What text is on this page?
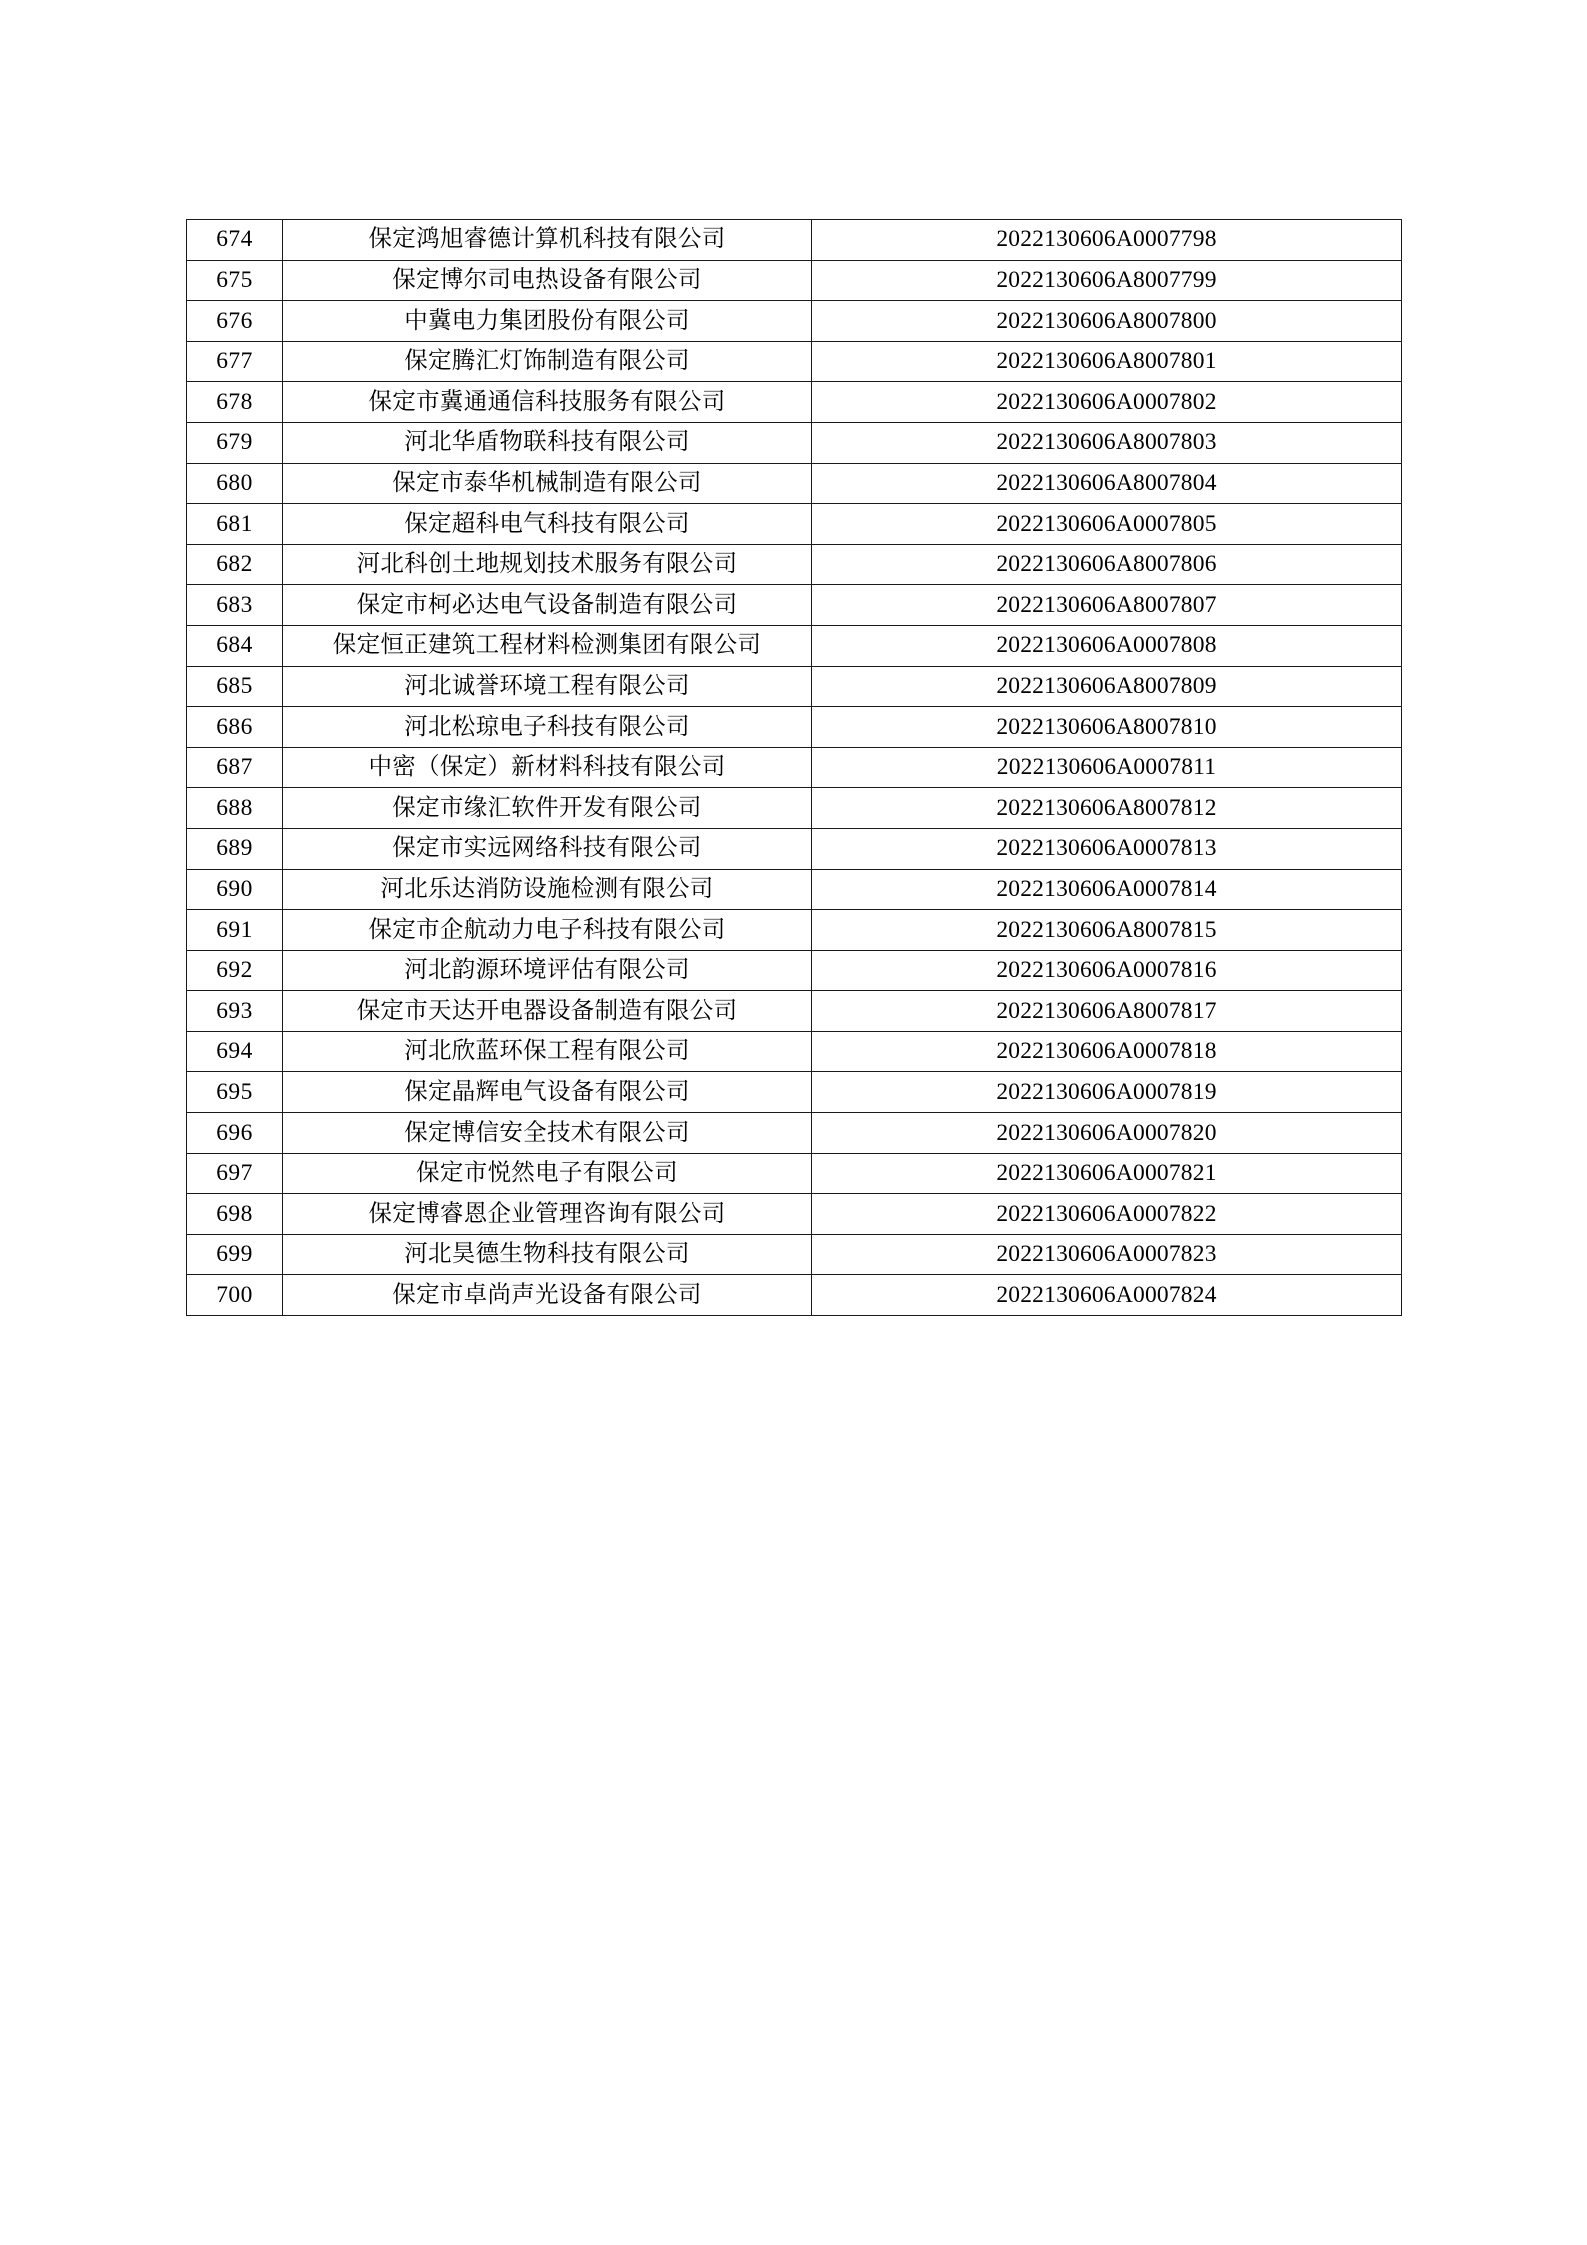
674	保定鸿旭睿德计算机科技有限公司	2022130606A0007798
675	保定博尔司电热设备有限公司	2022130606A8007799
676	中冀电力集团股份有限公司	2022130606A8007800
677	保定腾汇灯饰制造有限公司	2022130606A8007801
678	保定市冀通通信科技服务有限公司	2022130606A0007802
679	河北华盾物联科技有限公司	2022130606A8007803
680	保定市泰华机械制造有限公司	2022130606A8007804
681	保定超科电气科技有限公司	2022130606A0007805
682	河北科创土地规划技术服务有限公司	2022130606A8007806
683	保定市柯必达电气设备制造有限公司	2022130606A8007807
684	保定恒正建筑工程材料检测集团有限公司	2022130606A0007808
685	河北诚誉环境工程有限公司	2022130606A8007809
686	河北松琼电子科技有限公司	2022130606A8007810
687	中密（保定）新材料科技有限公司	2022130606A0007811
688	保定市缘汇软件开发有限公司	2022130606A8007812
689	保定市实远网络科技有限公司	2022130606A0007813
690	河北乐达消防设施检测有限公司	2022130606A0007814
691	保定市企航动力电子科技有限公司	2022130606A8007815
692	河北韵源环境评估有限公司	2022130606A0007816
693	保定市天达开电器设备制造有限公司	2022130606A8007817
694	河北欣蓝环保工程有限公司	2022130606A0007818
695	保定晶辉电气设备有限公司	2022130606A0007819
696	保定博信安全技术有限公司	2022130606A0007820
697	保定市悦然电子有限公司	2022130606A0007821
698	保定博睿恩企业管理咨询有限公司	2022130606A0007822
699	河北昊德生物科技有限公司	2022130606A0007823
700	保定市卓尚声光设备有限公司	2022130606A0007824
